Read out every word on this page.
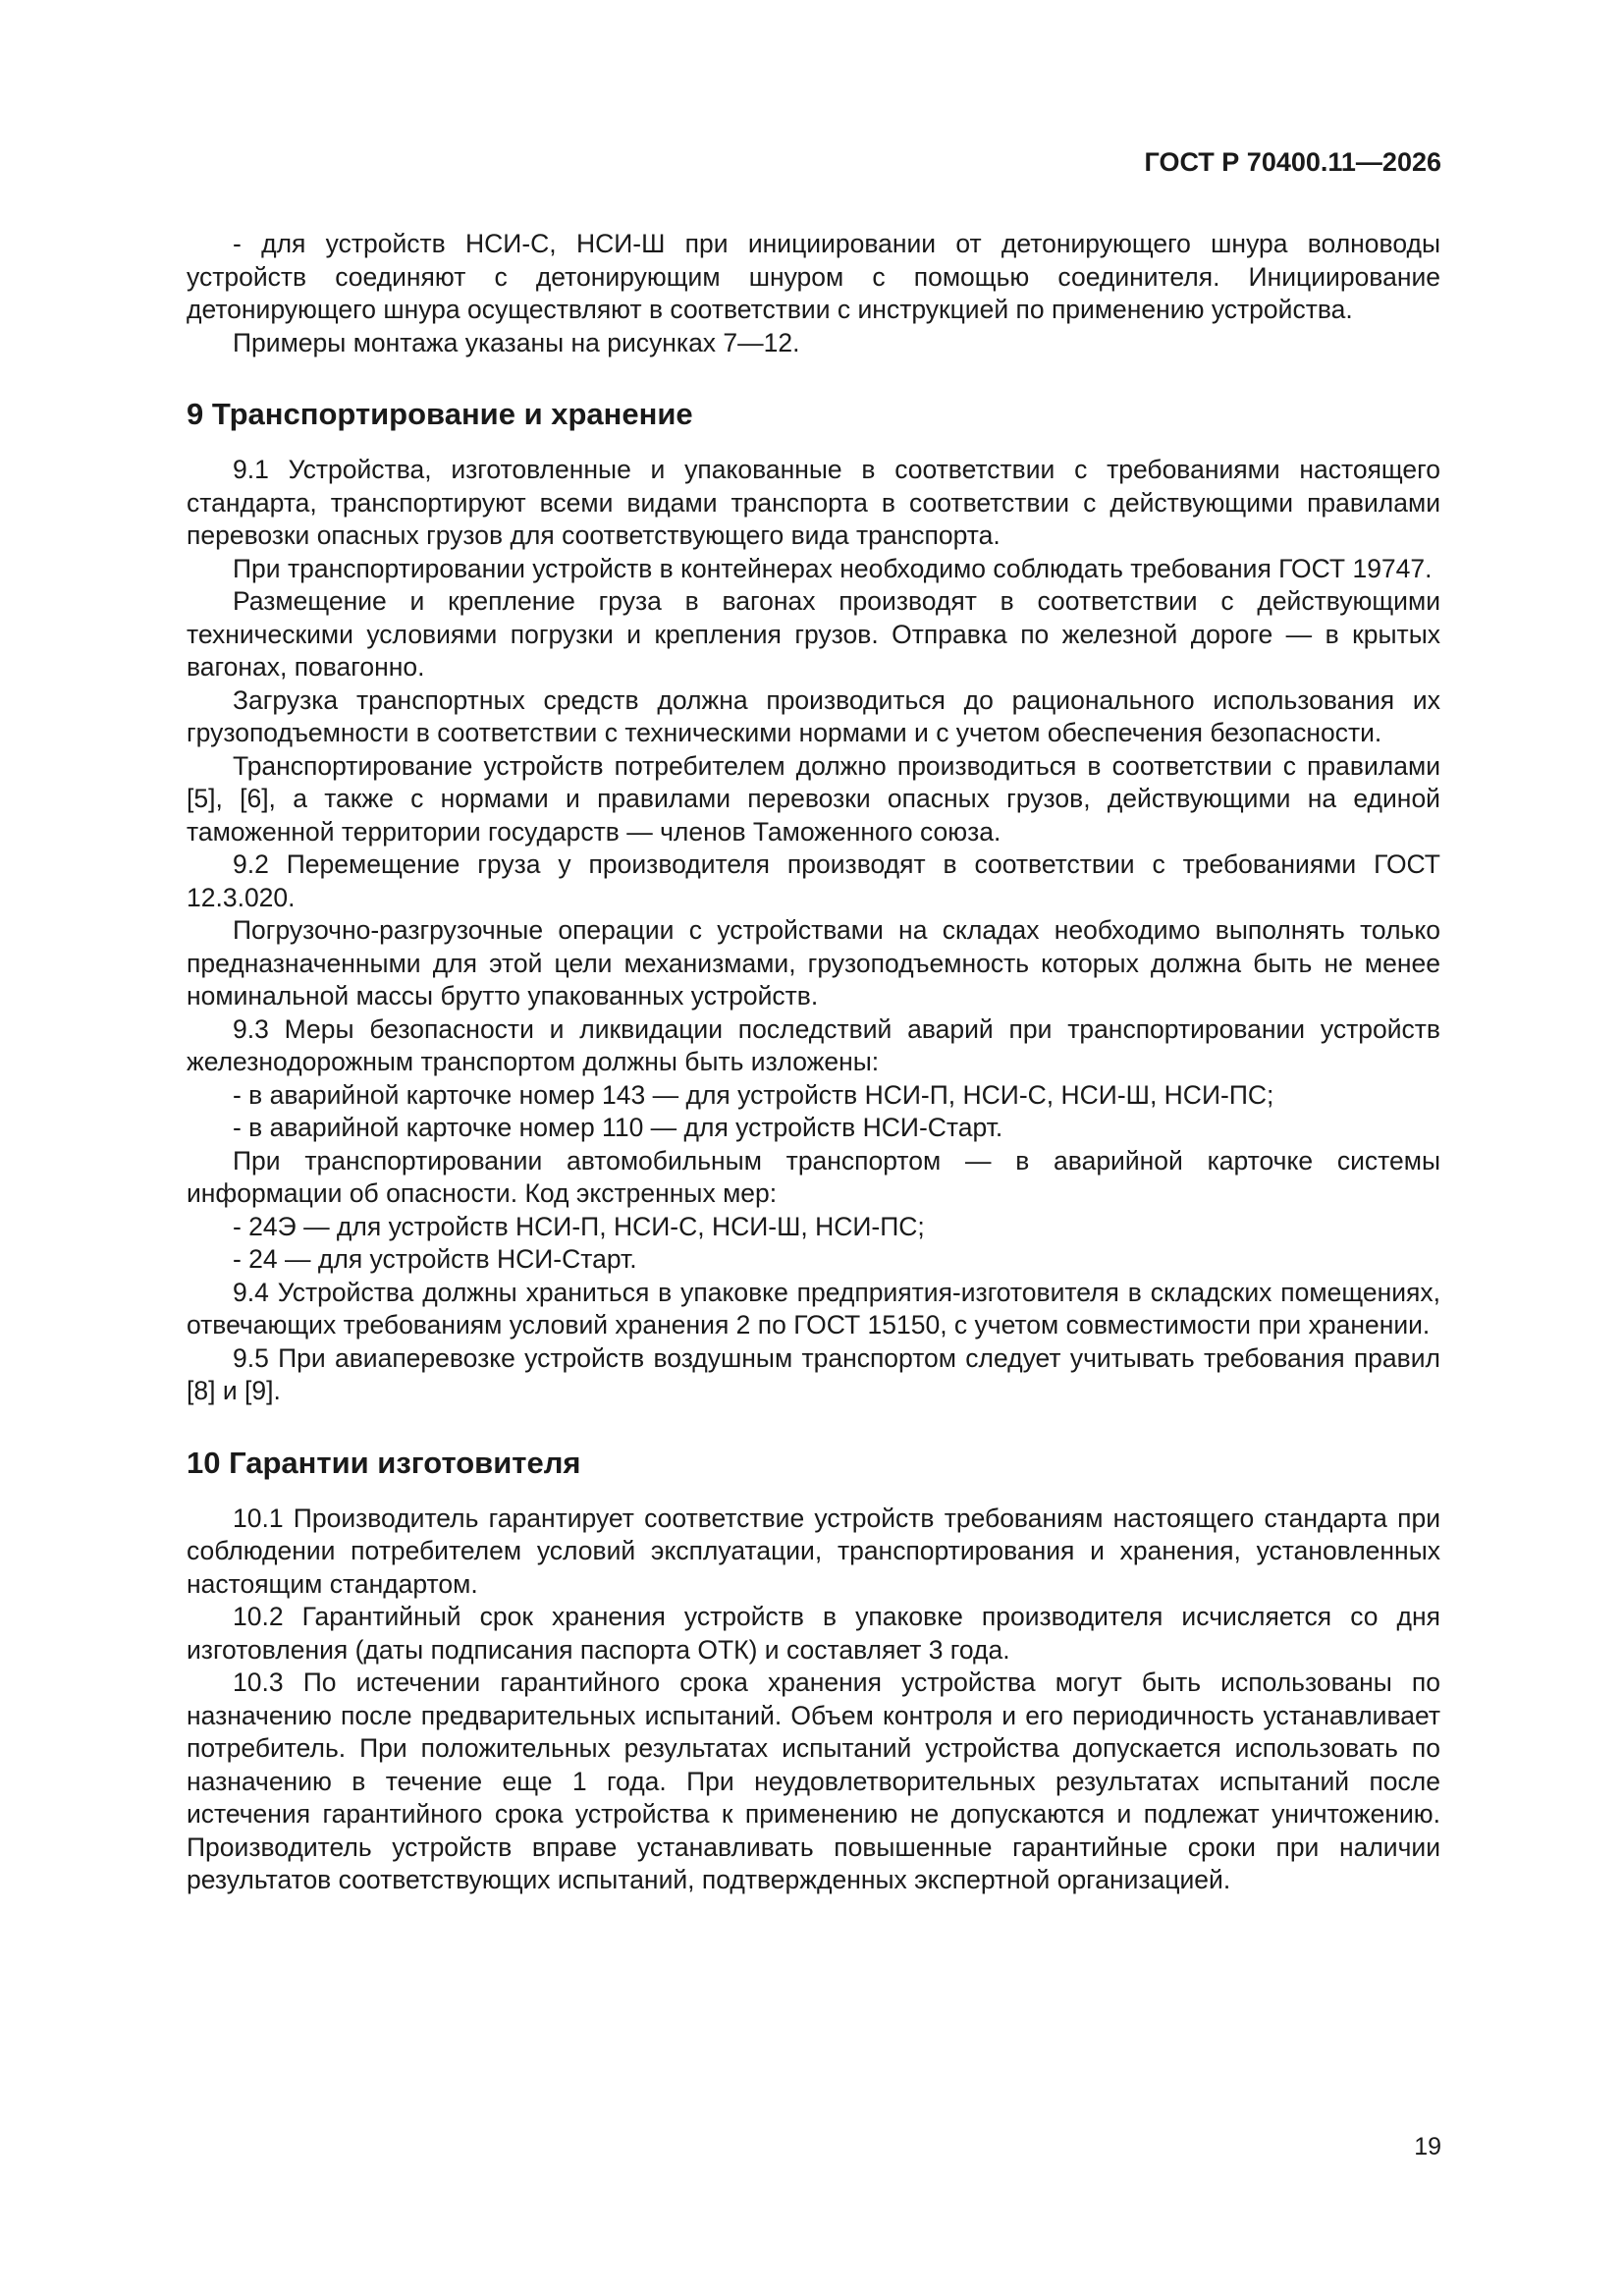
ГОСТ Р 70400.11—2026

- для устройств НСИ-С, НСИ-Ш при инициировании от детонирующего шнура волноводы устройств соединяют с детонирующим шнуром с помощью соединителя. Инициирование детонирующего шнура осуществляют в соответствии с инструкцией по применению устройства.

Примеры монтажа указаны на рисунках 7—12.

9 Транспортирование и хранение

9.1 Устройства, изготовленные и упакованные в соответствии с требованиями настоящего стандарта, транспортируют всеми видами транспорта в соответствии с действующими правилами перевозки опасных грузов для соответствующего вида транспорта.

При транспортировании устройств в контейнерах необходимо соблюдать требования ГОСТ 19747.

Размещение и крепление груза в вагонах производят в соответствии с действующими техническими условиями погрузки и крепления грузов. Отправка по железной дороге — в крытых вагонах, повагонно.

Загрузка транспортных средств должна производиться до рационального использования их грузоподъемности в соответствии с техническими нормами и с учетом обеспечения безопасности.

Транспортирование устройств потребителем должно производиться в соответствии с правилами [5], [6], а также с нормами и правилами перевозки опасных грузов, действующими на единой таможенной территории государств — членов Таможенного союза.

9.2 Перемещение груза у производителя производят в соответствии с требованиями ГОСТ 12.3.020.

Погрузочно-разгрузочные операции с устройствами на складах необходимо выполнять только предназначенными для этой цели механизмами, грузоподъемность которых должна быть не менее номинальной массы брутто упакованных устройств.

9.3 Меры безопасности и ликвидации последствий аварий при транспортировании устройств железнодорожным транспортом должны быть изложены:

- в аварийной карточке номер 143 — для устройств НСИ-П, НСИ-С, НСИ-Ш, НСИ-ПС;

- в аварийной карточке номер 110 — для устройств НСИ-Старт.

При транспортировании автомобильным транспортом — в аварийной карточке системы информации об опасности. Код экстренных мер:

- 24Э — для устройств НСИ-П, НСИ-С, НСИ-Ш, НСИ-ПС;

- 24 — для устройств НСИ-Старт.

9.4 Устройства должны храниться в упаковке предприятия-изготовителя в складских помещениях, отвечающих требованиям условий хранения 2 по ГОСТ 15150, с учетом совместимости при хранении.

9.5 При авиаперевозке устройств воздушным транспортом следует учитывать требования правил [8] и [9].

10 Гарантии изготовителя

10.1 Производитель гарантирует соответствие устройств требованиям настоящего стандарта при соблюдении потребителем условий эксплуатации, транспортирования и хранения, установленных настоящим стандартом.

10.2 Гарантийный срок хранения устройств в упаковке производителя исчисляется со дня изготовления (даты подписания паспорта ОТК) и составляет 3 года.

10.3 По истечении гарантийного срока хранения устройства могут быть использованы по назначению после предварительных испытаний. Объем контроля и его периодичность устанавливает потребитель. При положительных результатах испытаний устройства допускается использовать по назначению в течение еще 1 года. При неудовлетворительных результатах испытаний после истечения гарантийного срока устройства к применению не допускаются и подлежат уничтожению. Производитель устройств вправе устанавливать повышенные гарантийные сроки при наличии результатов соответствующих испытаний, подтвержденных экспертной организацией.

19
